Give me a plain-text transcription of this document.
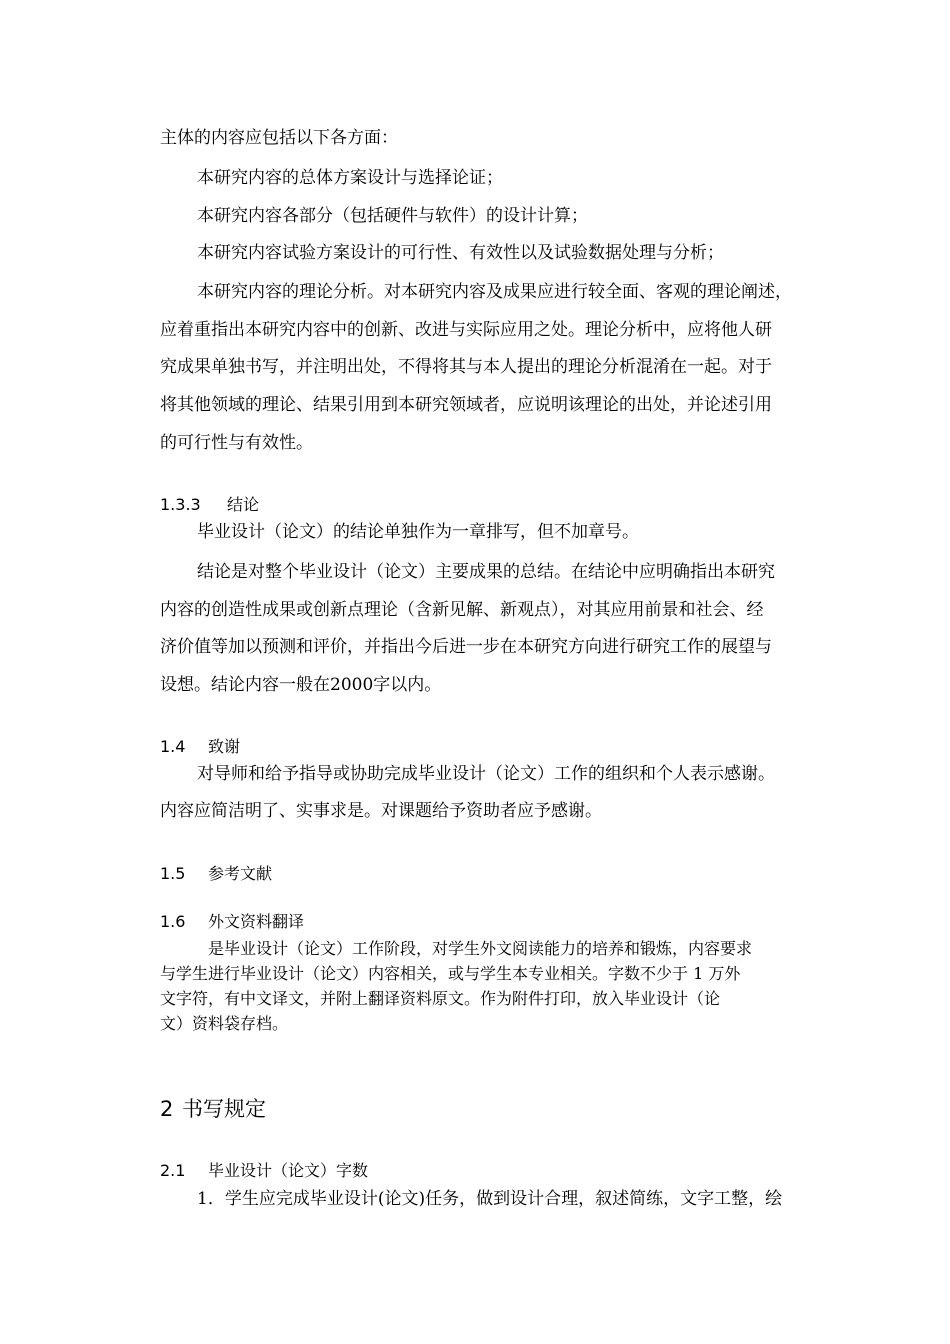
主体的内容应包括以下各方面：
本研究内容的总体方案设计与选择论证；
本研究内容各部分（包括硬件与软件）的设计计算；
本研究内容试验方案设计的可行性、有效性以及试验数据处理与分析；
本研究内容的理论分析。对本研究内容及成果应进行较全面、客观的理论阐述，
应着重指出本研究内容中的创新、改进与实际应用之处。理论分析中，应将他人研
究成果单独书写，并注明出处，不得将其与本人提出的理论分析混淆在一起。对于
将其他领域的理论、结果引用到本研究领域者，应说明该理论的出处，并论述引用
的可行性与有效性。
1.3.3 结论
毕业设计（论文）的结论单独作为一章排写，但不加章号。
结论是对整个毕业设计（论文）主要成果的总结。在结论中应明确指出本研究
内容的创造性成果或创新点理论（含新见解、新观点），对其应用前景和社会、经
济价值等加以预测和评价，并指出今后进一步在本研究方向进行研究工作的展望与
设想。结论内容一般在2000字以内。
1.4 致谢
对导师和给予指导或协助完成毕业设计（论文）工作的组织和个人表示感谢。
内容应简洁明了、实事求是。对课题给予资助者应予感谢。
1.5 参考文献
1.6 外文资料翻译
是毕业设计（论文）工作阶段，对学生外文阅读能力的培养和锻炼，内容要求
与学生进行毕业设计（论文）内容相关，或与学生本专业相关。字数不少于 1 万外
文字符，有中文译文，并附上翻译资料原文。作为附件打印，放入毕业设计（论
文）资料袋存档。
2 书写规定
2.1 毕业设计（论文）字数
1．学生应完成毕业设计(论文)任务，做到设计合理，叙述简练，文字工整，绘
